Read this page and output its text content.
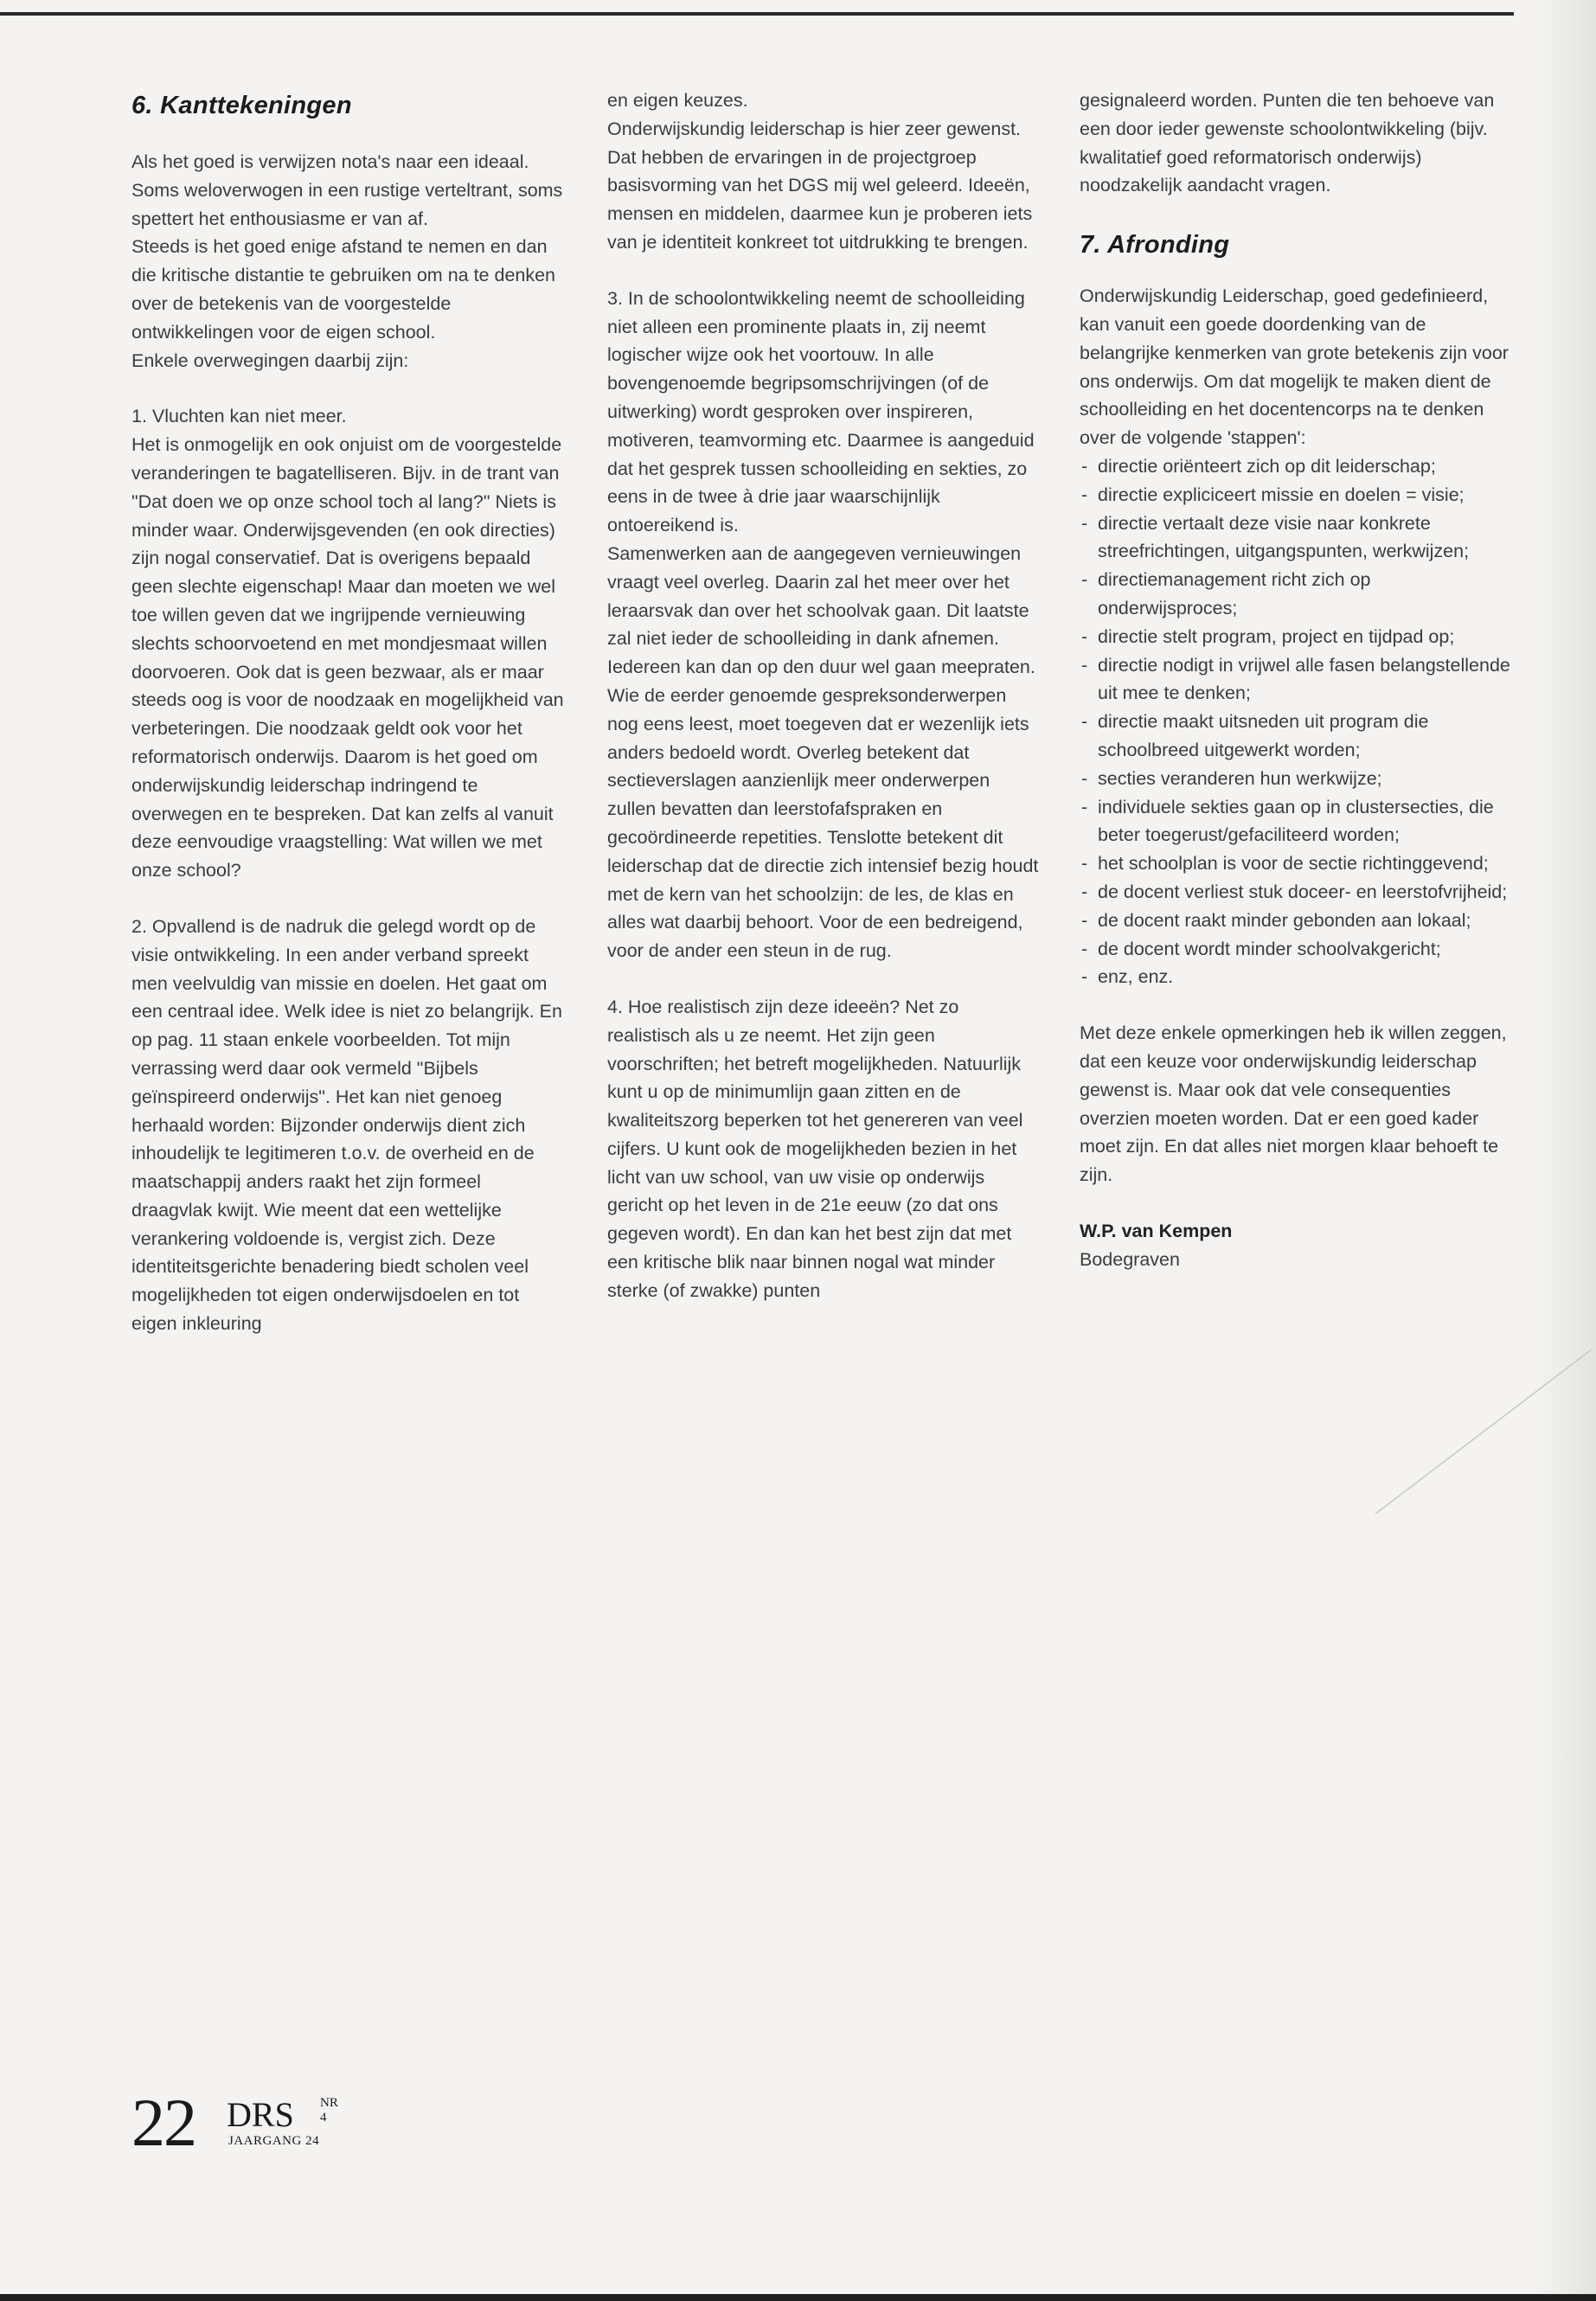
6. Kanttekeningen

Als het goed is verwijzen nota's naar een ideaal. Soms weloverwogen in een rustige verteltrant, soms spettert het enthousiasme er van af.

Steeds is het goed enige afstand te nemen en dan die kritische distantie te gebruiken om na te denken over de betekenis van de voorgestelde ontwikkelingen voor de eigen school.

Enkele overwegingen daarbij zijn:

1. Vluchten kan niet meer.

Het is onmogelijk en ook onjuist om de voorgestelde veranderingen te bagatelliseren. Bijv. in de trant van "Dat doen we op onze school toch al lang?" Niets is minder waar. Onderwijsgevenden (en ook directies) zijn nogal conservatief. Dat is overigens bepaald geen slechte eigenschap! Maar dan moeten we wel toe willen geven dat we ingrijpende vernieuwing slechts schoorvoetend en met mondjesmaat willen doorvoeren. Ook dat is geen bezwaar, als er maar steeds oog is voor de noodzaak en mogelijkheid van verbeteringen. Die noodzaak geldt ook voor het reformatorisch onderwijs. Daarom is het goed om onderwijskundig leiderschap indringend te overwegen en te bespreken. Dat kan zelfs al vanuit deze eenvoudige vraagstelling: Wat willen we met onze school?

2. Opvallend is de nadruk die gelegd wordt op de visie ontwikkeling. In een ander verband spreekt men veelvuldig van missie en doelen. Het gaat om een centraal idee. Welk idee is niet zo belangrijk. En op pag. 11 staan enkele voorbeelden. Tot mijn verrassing werd daar ook vermeld "Bijbels geïnspireerd onderwijs". Het kan niet genoeg herhaald worden: Bijzonder onderwijs dient zich inhoudelijk te legitimeren t.o.v. de overheid en de maatschappij anders raakt het zijn formeel draagvlak kwijt. Wie meent dat een wettelijke verankering voldoende is, vergist zich. Deze identiteitsgerichte benadering biedt scholen veel mogelijkheden tot eigen onderwijsdoelen en tot eigen inkleuring

en eigen keuzes.

Onderwijskundig leiderschap is hier zeer gewenst. Dat hebben de ervaringen in de projectgroep basisvorming van het DGS mij wel geleerd. Ideeën, mensen en middelen, daarmee kun je proberen iets van je identiteit konkreet tot uitdrukking te brengen.

3. In de schoolontwikkeling neemt de schoolleiding niet alleen een prominente plaats in, zij neemt logischer wijze ook het voortouw. In alle bovengenoemde begripsomschrijvingen (of de uitwerking) wordt gesproken over inspireren, motiveren, teamvorming etc. Daarmee is aangeduid dat het gesprek tussen schoolleiding en sekties, zo eens in de twee à drie jaar waarschijnlijk ontoereikend is.

Samenwerken aan de aangegeven vernieuwingen vraagt veel overleg. Daarin zal het meer over het leraarsvak dan over het schoolvak gaan. Dit laatste zal niet ieder de schoolleiding in dank afnemen. Iedereen kan dan op den duur wel gaan meepraten. Wie de eerder genoemde gespreksonderwerpen nog eens leest, moet toegeven dat er wezenlijk iets anders bedoeld wordt. Overleg betekent dat sectieverslagen aanzienlijk meer onderwerpen zullen bevatten dan leerstofafspraken en gecoördineerde repetities. Tenslotte betekent dit leiderschap dat de directie zich intensief bezig houdt met de kern van het schoolzijn: de les, de klas en alles wat daarbij behoort. Voor de een bedreigend, voor de ander een steun in de rug.

4. Hoe realistisch zijn deze ideeën? Net zo realistisch als u ze neemt. Het zijn geen voorschriften; het betreft mogelijkheden. Natuurlijk kunt u op de minimumlijn gaan zitten en de kwaliteitszorg beperken tot het genereren van veel cijfers. U kunt ook de mogelijkheden bezien in het licht van uw school, van uw visie op onderwijs gericht op het leven in de 21e eeuw (zo dat ons gegeven wordt). En dan kan het best zijn dat met een kritische blik naar binnen nogal wat minder sterke (of zwakke) punten

gesignaleerd worden. Punten die ten behoeve van een door ieder gewenste schoolontwikkeling (bijv. kwalitatief goed reformatorisch onderwijs) noodzakelijk aandacht vragen.

7. Afronding

Onderwijskundig Leiderschap, goed gedefinieerd, kan vanuit een goede doordenking van de belangrijke kenmerken van grote betekenis zijn voor ons onderwijs. Om dat mogelijk te maken dient de schoolleiding en het docentencorps na te denken over de volgende 'stappen':

- directie oriënteert zich op dit leiderschap;
- directie expliciceert missie en doelen = visie;
- directie vertaalt deze visie naar konkrete streefrichtingen, uitgangspunten, werkwijzen;
- directiemanagement richt zich op onderwijsproces;
- directie stelt program, project en tijdpad op;
- directie nodigt in vrijwel alle fasen belangstellende uit mee te denken;
- directie maakt uitsneden uit program die schoolbreed uitgewerkt worden;
- secties veranderen hun werkwijze;
- individuele sekties gaan op in clustersecties, die beter toegerust/gefaciliteerd worden;
- het schoolplan is voor de sectie richtinggevend;
- de docent verliest stuk doceer- en leerstofvrijheid;
- de docent raakt minder gebonden aan lokaal;
- de docent wordt minder schoolvakgericht;
- enz, enz.

Met deze enkele opmerkingen heb ik willen zeggen, dat een keuze voor onderwijskundig leiderschap gewenst is. Maar ook dat vele consequenties overzien moeten worden. Dat er een goed kader moet zijn. En dat alles niet morgen klaar behoeft te zijn.

W.P. van Kempen

Bodegraven

22 DRS NR 4
JAARGANG 24
